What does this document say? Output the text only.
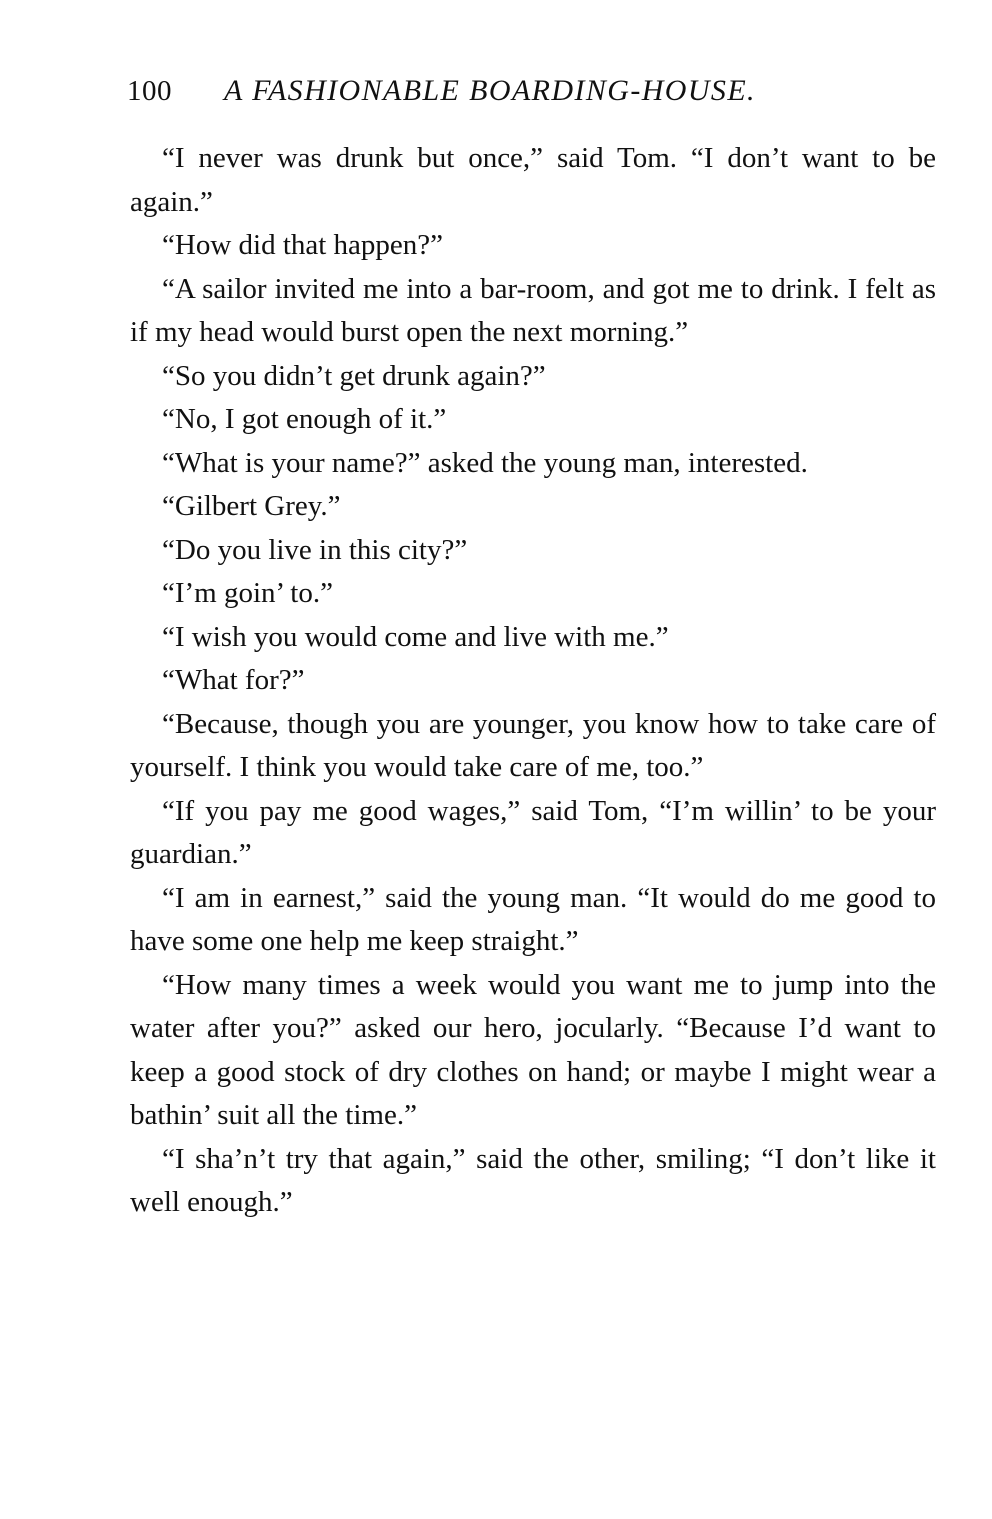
100 A FASHIONABLE BOARDING-HOUSE.

“I never was drunk but once,” said Tom. “I don’t want to be again.”

“How did that happen?”

“A sailor invited me into a bar-room, and got me to drink. I felt as if my head would burst open the next morning.”

“So you didn’t get drunk again?”

“No, I got enough of it.”

“What is your name?” asked the young man, interested.

“Gilbert Grey.”

“Do you live in this city?”

“I’m goin’ to.”

“I wish you would come and live with me.”

“What for?”

“Because, though you are younger, you know how to take care of yourself. I think you would take care of me, too.”

“If you pay me good wages,” said Tom, “I’m willin’ to be your guardian.”

“I am in earnest,” said the young man. “It would do me good to have some one help me keep straight.”

“How many times a week would you want me to jump into the water after you?” asked our hero, jocularly. “Because I’d want to keep a good stock of dry clothes on hand; or maybe I might wear a bathin’ suit all the time.”

“I sha’n’t try that again,” said the other, smiling; “I don’t like it well enough.”
